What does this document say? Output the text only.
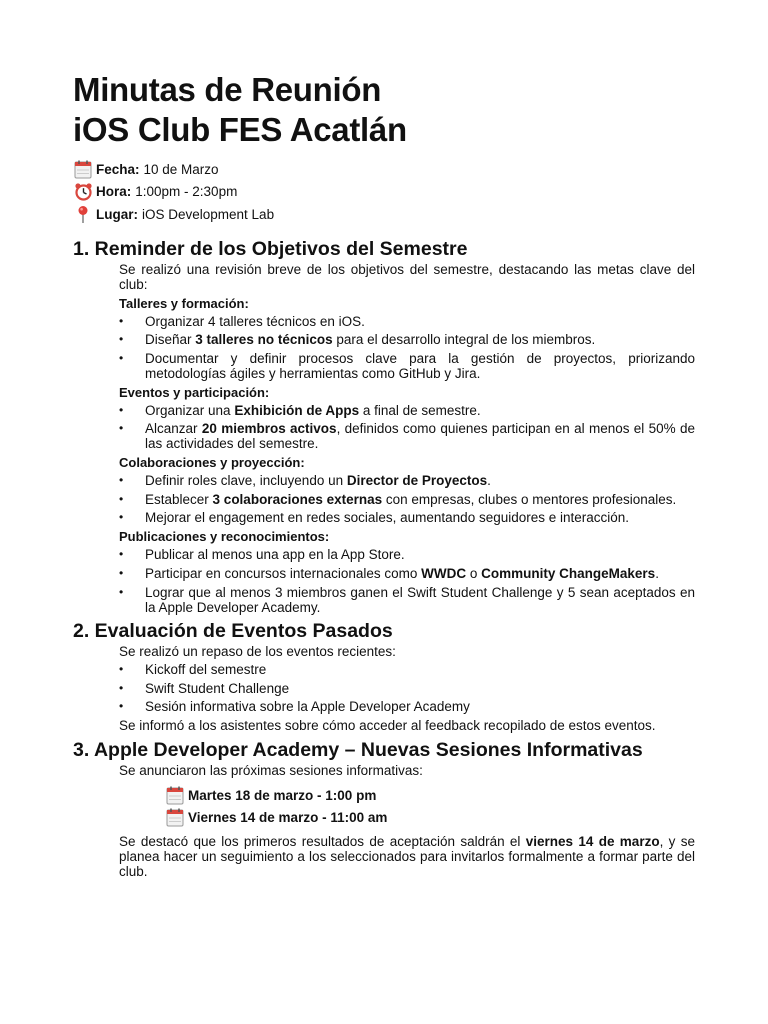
Minutas de Reunión
iOS Club FES Acatlán
Fecha: 10 de Marzo
Hora: 1:00pm - 2:30pm
Lugar: iOS Development Lab
1. Reminder de los Objetivos del Semestre

Se realizó una revisión breve de los objetivos del semestre, destacando las metas clave del club:

Talleres y formación:
• Organizar 4 talleres técnicos en iOS.
• Diseñar 3 talleres no técnicos para el desarrollo integral de los miembros.
• Documentar y definir procesos clave para la gestión de proyectos, priorizando metodologías ágiles y herramientas como GitHub y Jira.
Eventos y participación:
• Organizar una Exhibición de Apps a final de semestre.
• Alcanzar 20 miembros activos, definidos como quienes participan en al menos el 50% de las actividades del semestre.
Colaboraciones y proyección:
• Definir roles clave, incluyendo un Director de Proyectos.
• Establecer 3 colaboraciones externas con empresas, clubes o mentores profesionales.
• Mejorar el engagement en redes sociales, aumentando seguidores e interacción.
Publicaciones y reconocimientos:
• Publicar al menos una app en la App Store.
• Participar en concursos internacionales como WWDC o Community ChangeMakers.
• Lograr que al menos 3 miembros ganen el Swift Student Challenge y 5 sean aceptados en la Apple Developer Academy.
2. Evaluación de Eventos Pasados

Se realizó un repaso de los eventos recientes:

• Kickoff del semestre
• Swift Student Challenge
• Sesión informativa sobre la Apple Developer Academy

Se informó a los asistentes sobre cómo acceder al feedback recopilado de estos eventos.

3. Apple Developer Academy – Nuevas Sesiones Informativas

Se anunciaron las próximas sesiones informativas:

Martes 18 de marzo - 1:00 pm
Viernes 14 de marzo - 11:00 am

Se destacó que los primeros resultados de aceptación saldrán el viernes 14 de marzo, y se planea hacer un seguimiento a los seleccionados para invitarlos formalmente a formar parte del club.
